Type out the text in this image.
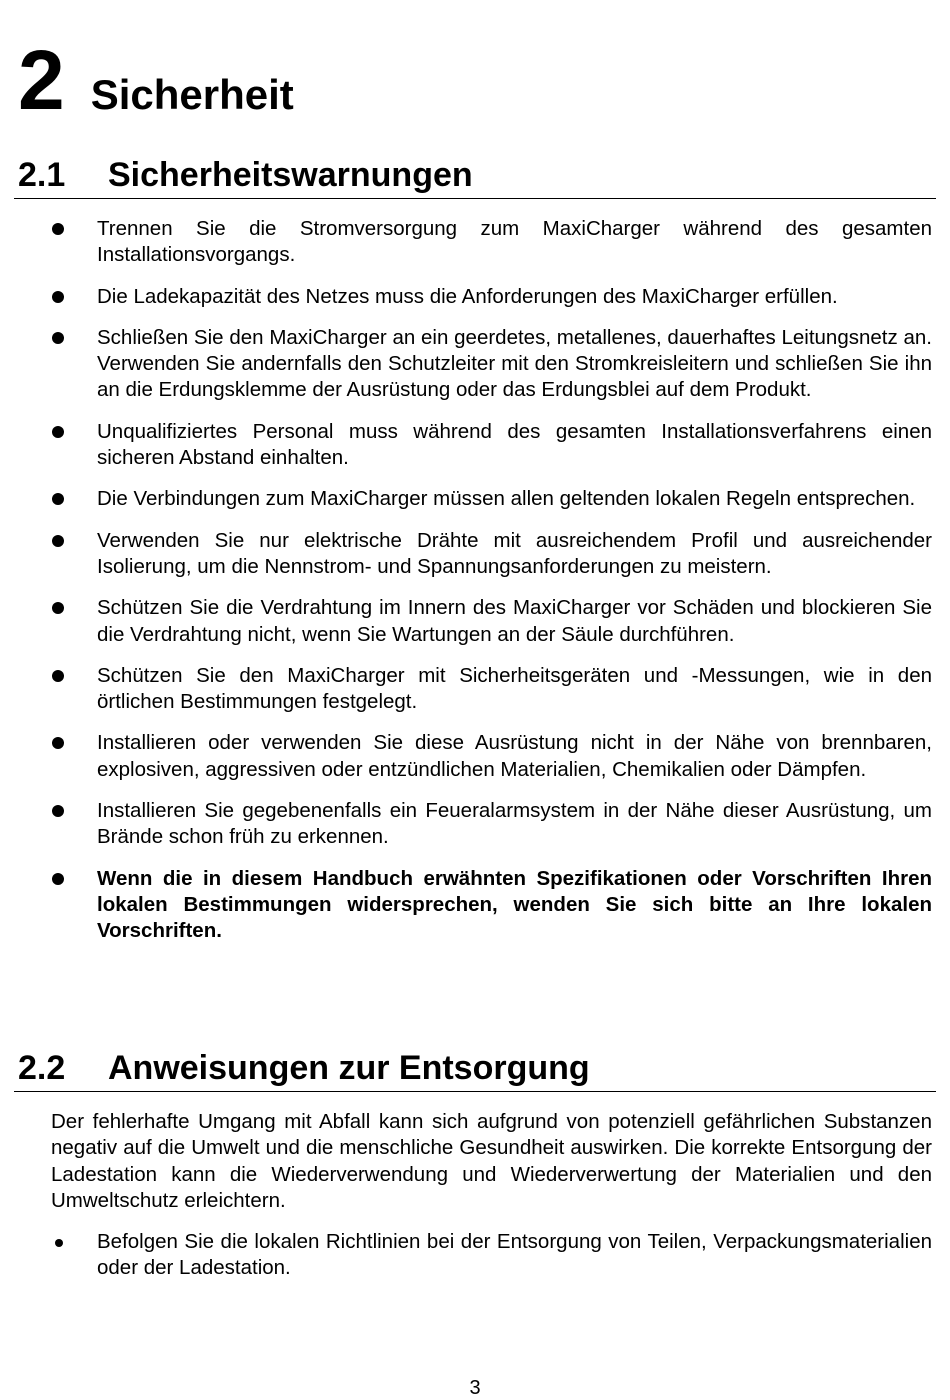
2 Sicherheit
2.1	Sicherheitswarnungen
Trennen Sie die Stromversorgung zum MaxiCharger während des gesamten Installationsvorgangs.
Die Ladekapazität des Netzes muss die Anforderungen des MaxiCharger erfüllen.
Schließen Sie den MaxiCharger an ein geerdetes, metallenes, dauerhaftes Leitungsnetz an. Verwenden Sie andernfalls den Schutzleiter mit den Stromkreisleitern und schließen Sie ihn an die Erdungsklemme der Ausrüstung oder das Erdungsblei auf dem Produkt.
Unqualifiziertes Personal muss während des gesamten Installationsverfahrens einen sicheren Abstand einhalten.
Die Verbindungen zum MaxiCharger müssen allen geltenden lokalen Regeln entsprechen.
Verwenden Sie nur elektrische Drähte mit ausreichendem Profil und ausreichender Isolierung, um die Nennstrom- und Spannungsanforderungen zu meistern.
Schützen Sie die Verdrahtung im Innern des MaxiCharger vor Schäden und blockieren Sie die Verdrahtung nicht, wenn Sie Wartungen an der Säule durchführen.
Schützen Sie den MaxiCharger mit Sicherheitsgeräten und -Messungen, wie in den örtlichen Bestimmungen festgelegt.
Installieren oder verwenden Sie diese Ausrüstung nicht in der Nähe von brennbaren, explosiven, aggressiven oder entzündlichen Materialien, Chemikalien oder Dämpfen.
Installieren Sie gegebenenfalls ein Feueralarmsystem in der Nähe dieser Ausrüstung, um Brände schon früh zu erkennen.
Wenn die in diesem Handbuch erwähnten Spezifikationen oder Vorschriften Ihren lokalen Bestimmungen widersprechen, wenden Sie sich bitte an Ihre lokalen Vorschriften.
2.2	Anweisungen zur Entsorgung
Der fehlerhafte Umgang mit Abfall kann sich aufgrund von potenziell gefährlichen Substanzen negativ auf die Umwelt und die menschliche Gesundheit auswirken. Die korrekte Entsorgung der Ladestation kann die Wiederverwendung und Wiederverwertung der Materialien und den Umweltschutz erleichtern.
Befolgen Sie die lokalen Richtlinien bei der Entsorgung von Teilen, Verpackungsmaterialien oder der Ladestation.
3
